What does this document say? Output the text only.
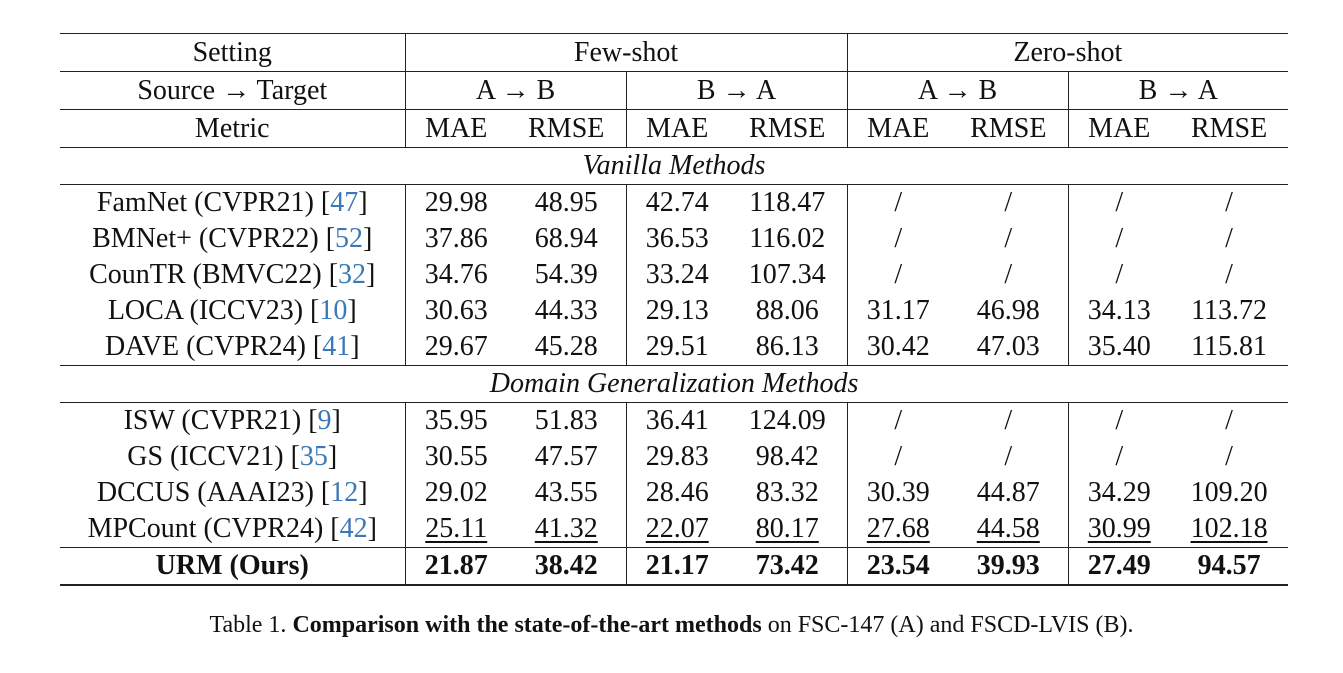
Setting	Few-shot				Zero-shot			
Source → Target	A → B		B → A		A → B		B → A	
Metric	MAE	RMSE	MAE	RMSE	MAE	RMSE	MAE	RMSE
Vanilla Methods								
FamNet (CVPR21) [47]	29.98	48.95	42.74	118.47	/	/	/	/
BMNet+ (CVPR22) [52]	37.86	68.94	36.53	116.02	/	/	/	/
CounTR (BMVC22) [32]	34.76	54.39	33.24	107.34	/	/	/	/
LOCA (ICCV23) [10]	30.63	44.33	29.13	88.06	31.17	46.98	34.13	113.72
DAVE (CVPR24) [41]	29.67	45.28	29.51	86.13	30.42	47.03	35.40	115.81
Domain Generalization Methods								
ISW (CVPR21) [9]	35.95	51.83	36.41	124.09	/	/	/	/
GS (ICCV21) [35]	30.55	47.57	29.83	98.42	/	/	/	/
DCCUS (AAAI23) [12]	29.02	43.55	28.46	83.32	30.39	44.87	34.29	109.20
MPCount (CVPR24) [42]	25.11	41.32	22.07	80.17	27.68	44.58	30.99	102.18
URM (Ours)	21.87	38.42	21.17	73.42	23.54	39.93	27.49	94.57
Table 1. Comparison with the state-of-the-art methods on FSC-147 (A) and FSCD-LVIS (B).
